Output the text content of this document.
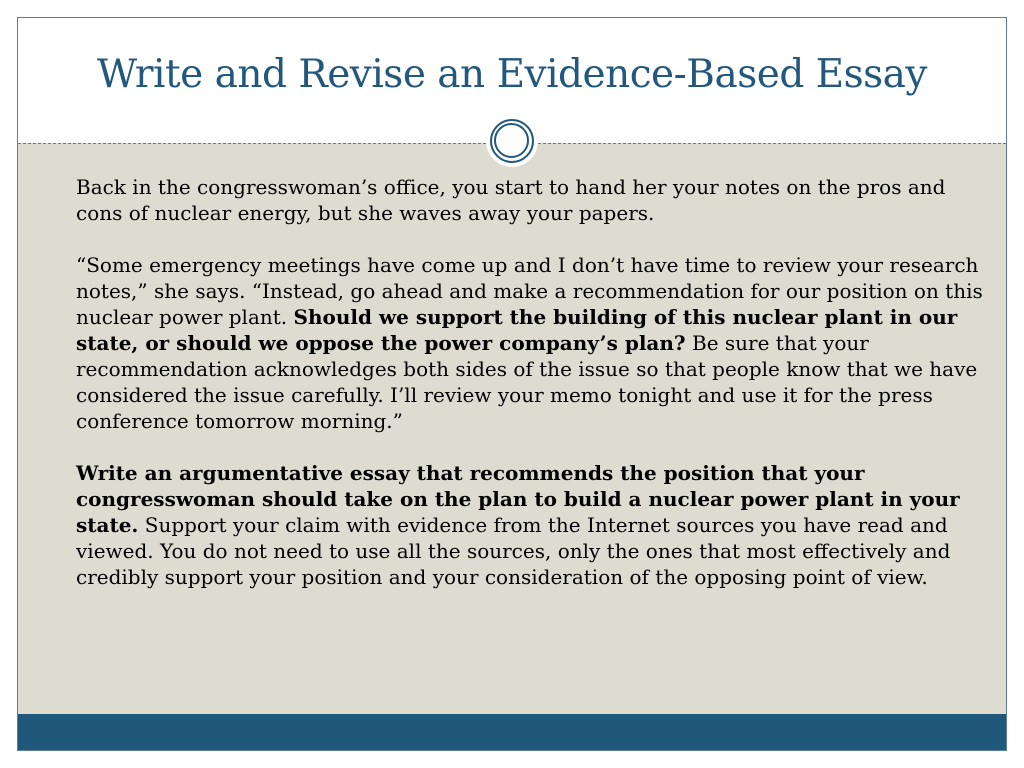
Write and Revise an Evidence-Based Essay

Back in the congresswoman’s office, you start to hand her your notes on the pros and cons of nuclear energy, but she waves away your papers.

“Some emergency meetings have come up and I don’t have time to review your research notes,” she says. “Instead, go ahead and make a recommendation for our position on this nuclear power plant. Should we support the building of this nuclear plant in our state, or should we oppose the power company’s plan? Be sure that your recommendation acknowledges both sides of the issue so that people know that we have considered the issue carefully. I’ll review your memo tonight and use it for the press conference tomorrow morning.”

Write an argumentative essay that recommends the position that your congresswoman should take on the plan to build a nuclear power plant in your state. Support your claim with evidence from the Internet sources you have read and viewed. You do not need to use all the sources, only the ones that most effectively and credibly support your position and your consideration of the opposing point of view.
